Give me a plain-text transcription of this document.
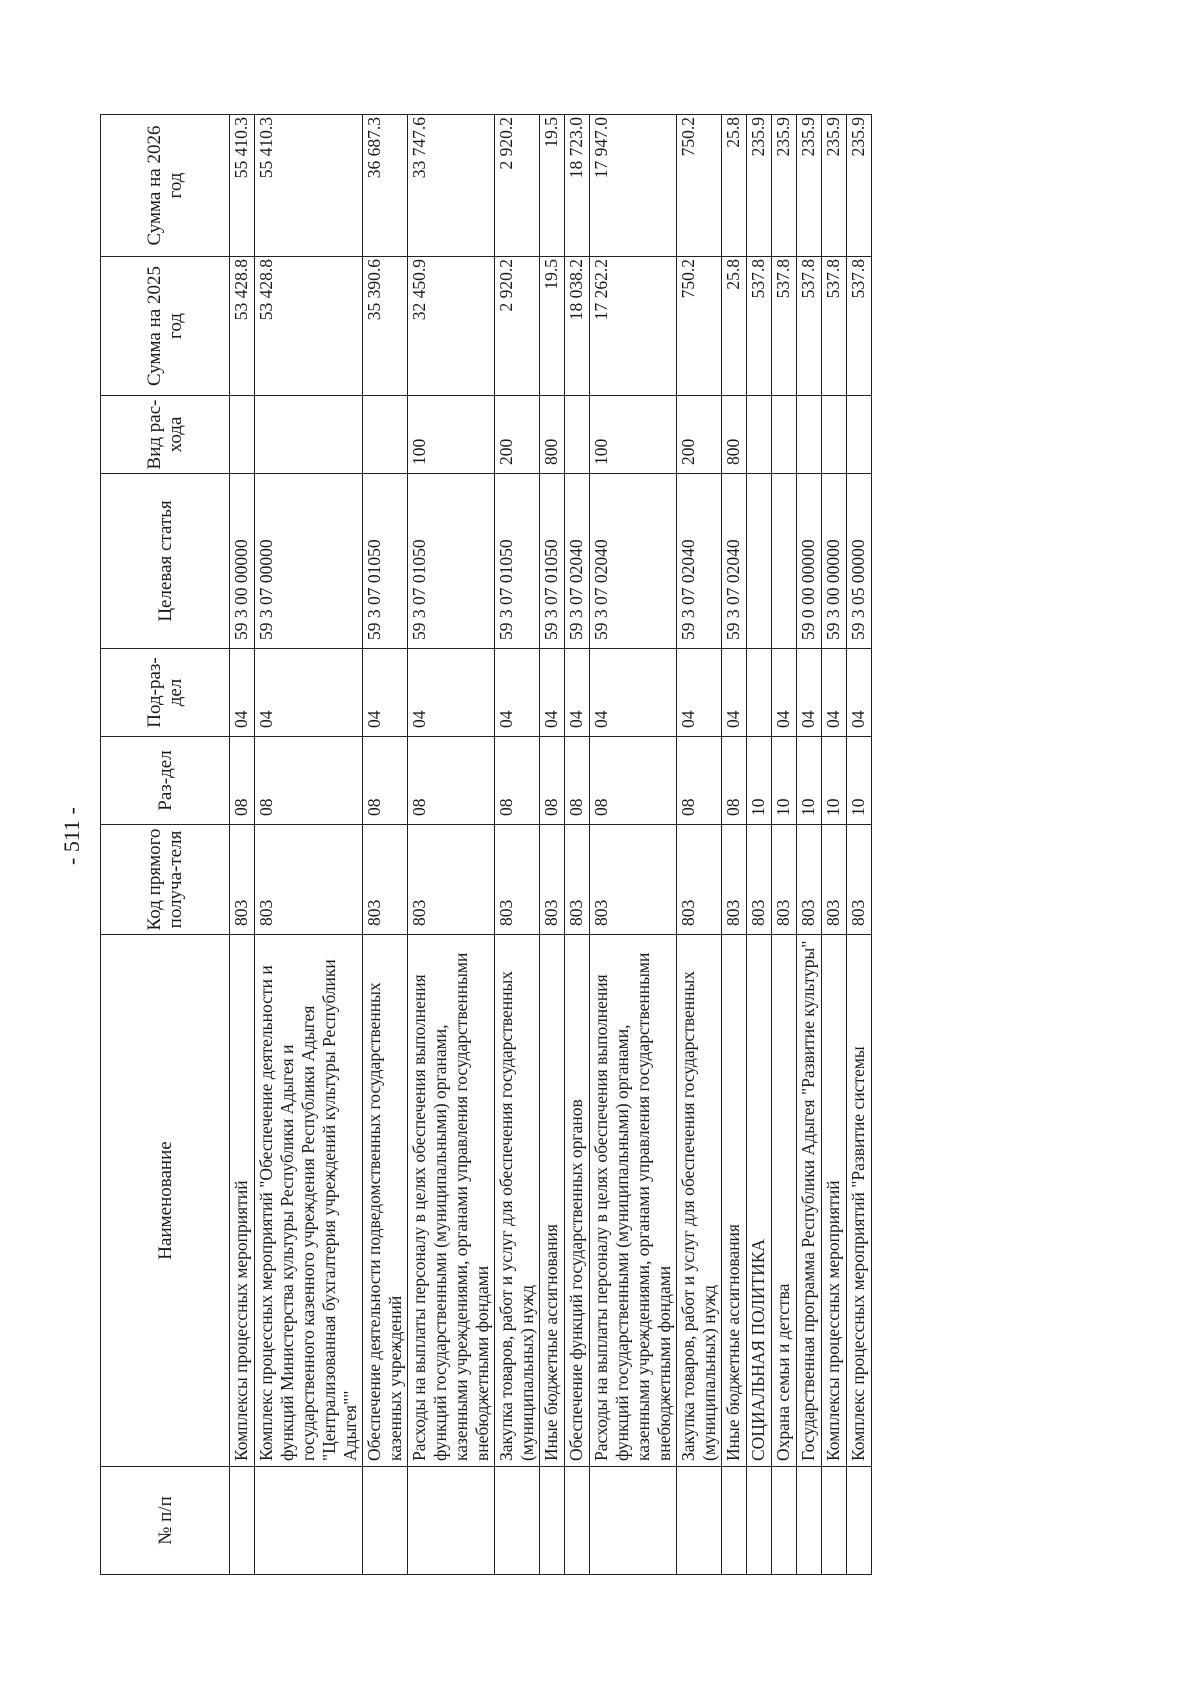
- 511 -
№ п/п	Наименование	Код прямого получа-теля	Раз-дел	Под-раз-дел	Целевая статья	Вид рас-хода	Сумма на 2025 год	Сумма на 2026 год
	Комплексы процессных мероприятий	803	08	04	59 3 00 00000		53 428.8	55 410.3
	Комплекс процессных мероприятий "Обеспечение деятельности и функций Министерства культуры Республики Адыгея и государственного казенного учреждения Республики Адыгея "Централизованная бухгалтерия учреждений культуры Республики Адыгея""	803	08	04	59 3 07 00000		53 428.8	55 410.3
	Обеспечение деятельности подведомственных государственных казенных учреждений	803	08	04	59 3 07 01050		35 390.6	36 687.3
	Расходы на выплаты персоналу в целях обеспечения выполнения функций государственными (муниципальными) органами, казенными учреждениями, органами управления государственными внебюджетными фондами	803	08	04	59 3 07 01050	100	32 450.9	33 747.6
	Закупка товаров, работ и услуг для обеспечения государственных (муниципальных) нужд	803	08	04	59 3 07 01050	200	2 920.2	2 920.2
	Иные бюджетные ассигнования	803	08	04	59 3 07 01050	800	19.5	19.5
	Обеспечение функций государственных органов	803	08	04	59 3 07 02040		18 038.2	18 723.0
	Расходы на выплаты персоналу в целях обеспечения выполнения функций государственными (муниципальными) органами, казенными учреждениями, органами управления государственными внебюджетными фондами	803	08	04	59 3 07 02040	100	17 262.2	17 947.0
	Закупка товаров, работ и услуг для обеспечения государственных (муниципальных) нужд	803	08	04	59 3 07 02040	200	750.2	750.2
	Иные бюджетные ассигнования	803	08	04	59 3 07 02040	800	25.8	25.8
	СОЦИАЛЬНАЯ ПОЛИТИКА	803	10				537.8	235.9
	Охрана семьи и детства	803	10	04			537.8	235.9
	Государственная программа Республики Адыгея "Развитие культуры"	803	10	04	59 0 00 00000		537.8	235.9
	Комплексы процессных мероприятий	803	10	04	59 3 00 00000		537.8	235.9
	Комплекс процессных мероприятий "Развитие системы	803	10	04	59 3 05 00000		537.8	235.9
